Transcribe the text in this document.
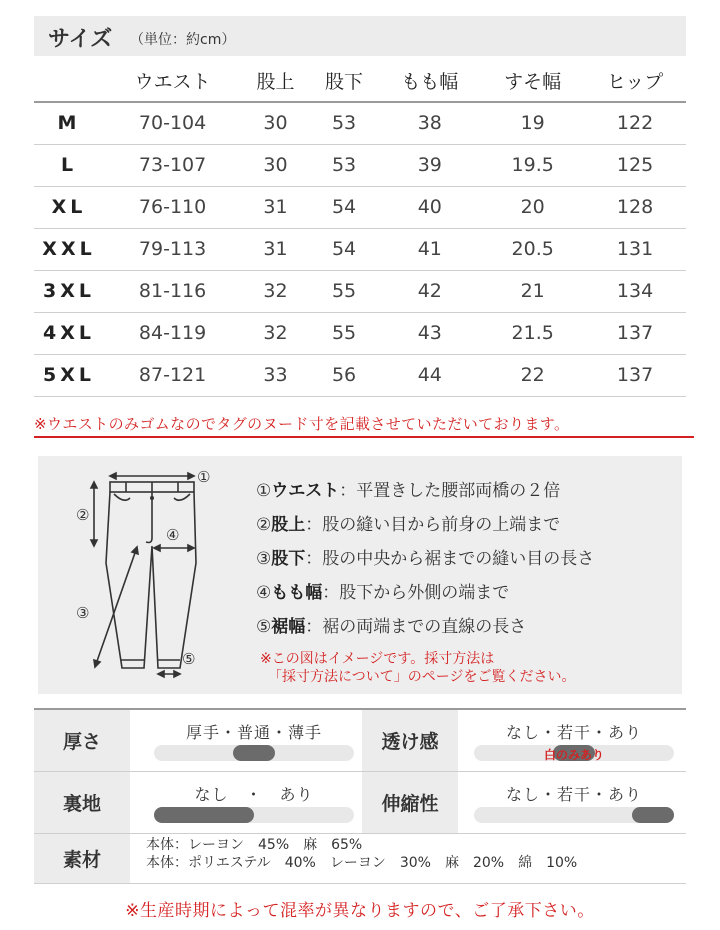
サイズ （単位：約cm）
	ウエスト	股上	股下	もも幅	すそ幅	ヒップ
M	70-104	30	53	38	19	122
L	73-107	30	53	39	19.5	125
XL	76-110	31	54	40	20	128
XXL	79-113	31	54	41	20.5	131
3XL	81-116	32	55	42	21	134
4XL	84-119	32	55	43	21.5	137
5XL	87-121	33	56	44	22	137
※ウエストのみゴムなのでタグのヌード寸を記載させていただいております。
①
②
③
④
⑤
①ウエスト：平置きした腰部両橋の２倍
②股上：股の縫い目から前身の上端まで
③股下：股の中央から裾までの縫い目の長さ
④もも幅：股下から外側の端まで
⑤裾幅：裾の両端までの直線の長さ
※この図はイメージです。採寸方法は
「採寸方法について」のページをご覧ください。
厚さ	厚手・普通・薄手	透け感	なし・若干・あり
白のみあり
裏地	なし　・　あり	伸縮性	なし・若干・あり
素材
本体：レーヨン　45%　麻　65%
本体：ポリエステル　40%　レーヨン　30%　麻　20%　綿　10%
※生産時期によって混率が異なりますので、ご了承下さい。
